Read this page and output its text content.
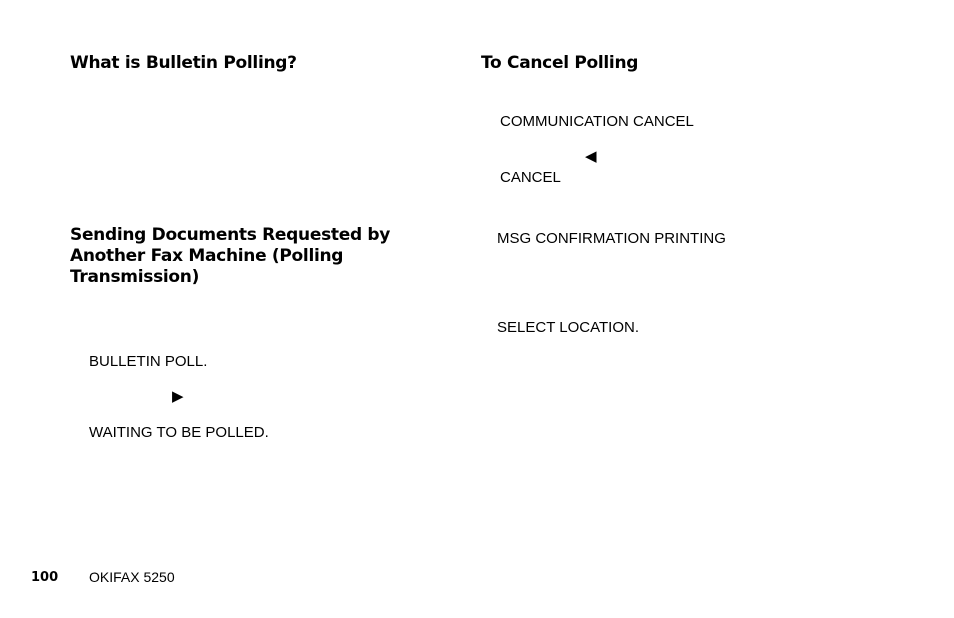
What is Bulletin Polling?
Sending Documents Requested by Another Fax Machine (Polling Transmission)
BULLETIN POLL.
▶
WAITING TO BE POLLED.
To Cancel Polling
COMMUNICATION CANCEL
◀
CANCEL
MSG CONFIRMATION PRINTING
SELECT LOCATION.
100 OKIFAX 5250
